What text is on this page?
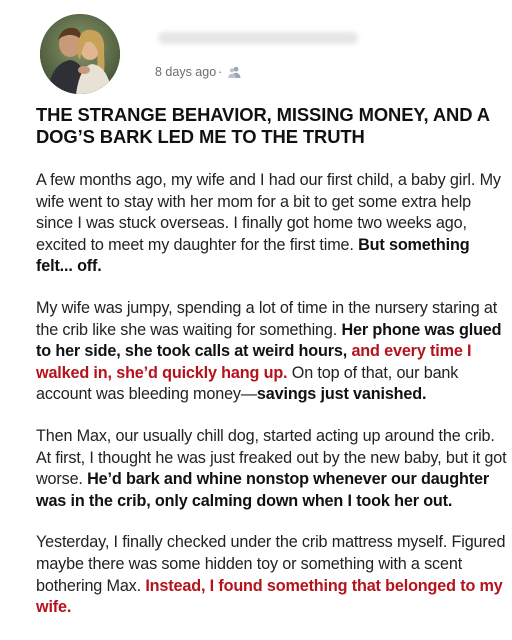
8 days ago ·
THE STRANGE BEHAVIOR, MISSING MONEY, AND A DOG’S BARK LED ME TO THE TRUTH

A few months ago, my wife and I had our first child, a baby girl. My wife went to stay with her mom for a bit to get some extra help since I was stuck overseas. I finally got home two weeks ago, excited to meet my daughter for the first time. But something felt... off.

My wife was jumpy, spending a lot of time in the nursery staring at the crib like she was waiting for something. Her phone was glued to her side, she took calls at weird hours, and every time I walked in, she’d quickly hang up. On top of that, our bank account was bleeding money—savings just vanished.

Then Max, our usually chill dog, started acting up around the crib. At first, I thought he was just freaked out by the new baby, but it got worse. He’d bark and whine nonstop whenever our daughter was in the crib, only calming down when I took her out.

Yesterday, I finally checked under the crib mattress myself. Figured maybe there was some hidden toy or something with a scent bothering Max. Instead, I found something that belonged to my wife.
